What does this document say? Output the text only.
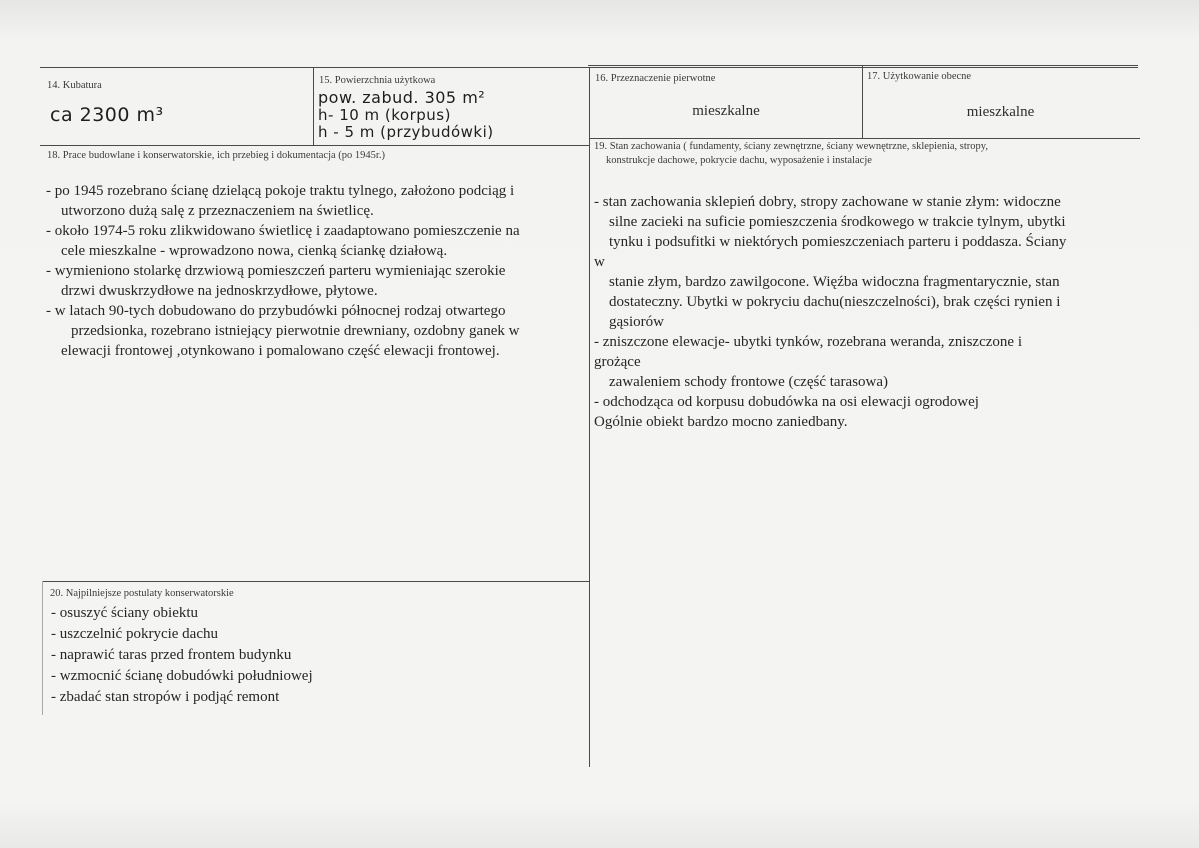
14. Kubatura
ca 2300 m³
15. Powierzchnia użytkowa
pow. zabud. 305 m²
h- 10 m (korpus)
h - 5 m (przybudówki)
16. Przeznaczenie pierwotne
mieszkalne
17. Użytkowanie obecne
mieszkalne
18. Prace budowlane i konserwatorskie, ich przebieg i dokumentacja (po 1945r.)
- po 1945 rozebrano ścianę dzielącą pokoje traktu tylnego, założono podciąg i
utworzono dużą salę z przeznaczeniem na świetlicę.
- około 1974-5 roku zlikwidowano świetlicę i zaadaptowano pomieszczenie na
cele mieszkalne - wprowadzono nowa, cienką ściankę działową.
- wymieniono stolarkę drzwiową pomieszczeń parteru wymieniając szerokie
drzwi dwuskrzydłowe na jednoskrzydłowe, płytowe.
- w latach 90-tych dobudowano do przybudówki północnej rodzaj otwartego
przedsionka, rozebrano istniejący pierwotnie drewniany, ozdobny ganek w
elewacji frontowej ,otynkowano i pomalowano część elewacji frontowej.
19. Stan zachowania ( fundamenty, ściany zewnętrzne, ściany wewnętrzne, sklepienia, stropy,
konstrukcje dachowe, pokrycie dachu, wyposażenie i instalacje
- stan zachowania sklepień dobry, stropy zachowane w stanie złym: widoczne
silne zacieki na suficie pomieszczenia środkowego w trakcie tylnym, ubytki
tynku i podsufitki w niektórych pomieszczeniach parteru i poddasza. Ściany
w
stanie złym, bardzo zawilgocone. Więźba widoczna fragmentarycznie, stan
dostateczny. Ubytki w pokryciu dachu(nieszczelności), brak części rynien i
gąsiorów
- zniszczone elewacje- ubytki tynków, rozebrana weranda, zniszczone i
grożące
zawaleniem schody frontowe (część tarasowa)
- odchodząca od korpusu dobudówka na osi elewacji ogrodowej
Ogólnie obiekt bardzo mocno zaniedbany.
20. Najpilniejsze postulaty konserwatorskie
- osuszyć ściany obiektu
- uszczelnić pokrycie dachu
- naprawić taras przed frontem budynku
- wzmocnić ścianę dobudówki południowej
- zbadać stan stropów i podjąć remont
